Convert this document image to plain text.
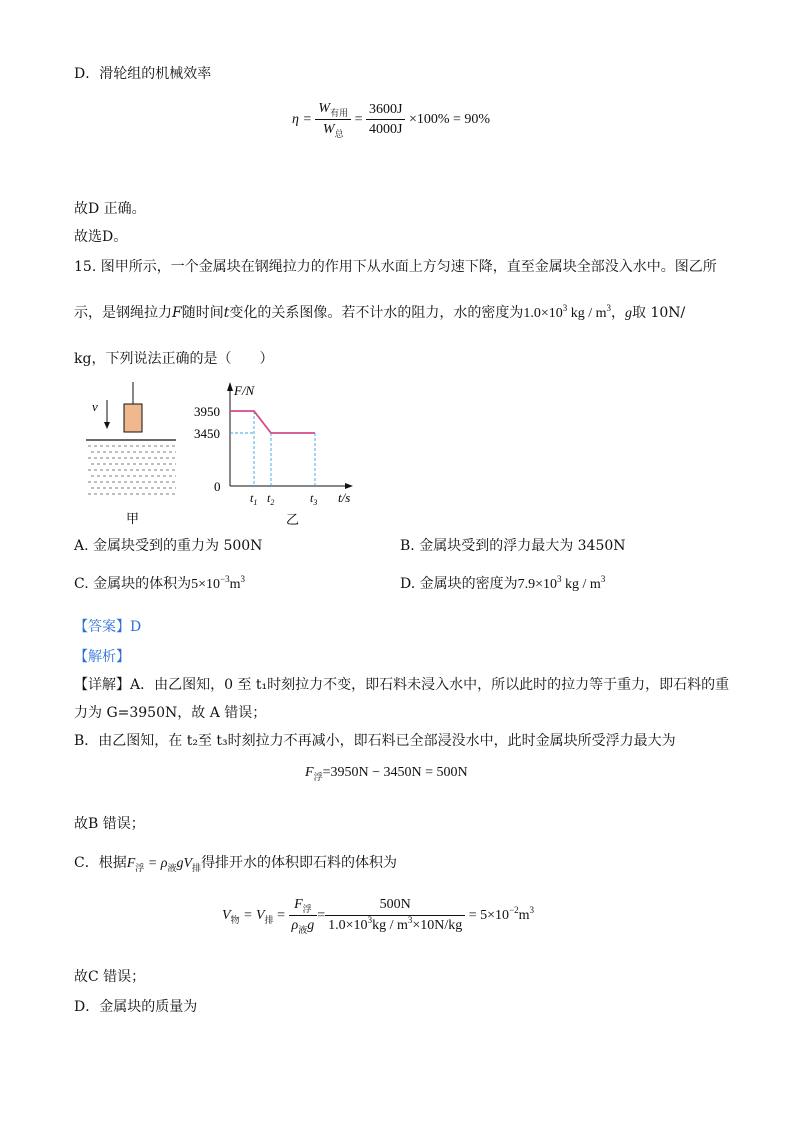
D．滑轮组的机械效率
$\eta = \frac{W_{有用}}{W_总} = \frac{3600J}{4000J} \times 100\% = 90\%$
故D 正确。
故选D。
15. 图甲所示，一个金属块在钢绳拉力的作用下从水面上方匀速下降，直至金属块全部没入水中。图乙所
示，是钢绳拉力F随时间t变化的关系图像。若不计水的阻力，水的密度为$1.0\times 10^3$ kg / $m^3$，g取 10N/
kg，下列说法正确的是（　　）
v
甲
F/N
t/s
0
3950
3450
$t_1$ $t_2$	$t_3$
乙
A. 金属块受到的重力为 500N	B. 金属块受到的浮力最大为 3450N
C. 金属块的体积为$5\times 10^{-3}m^3$	D. 金属块的密度为$7.9\times 10^3$ kg / $m^3$
【答案】D
【解析】
【详解】A．由乙图知，0 至 t₁时刻拉力不变，即石料未浸入水中，所以此时的拉力等于重力，即石料的重
力为 G=3950N，故 A 错误；
B．由乙图知，在 t₂至 t₃时刻拉力不再减小，即石料已全部浸没水中，此时金属块所受浮力最大为
$F_浮=3950N - 3450N = 500N$
故B 错误；
C．根据$F_浮 = \rho_液gV_排$得排开水的体积即石料的体积为
$V_物 = V_排 = \frac{F_浮}{\rho_液g} = \frac{500N}{1.0\times 10^3kg / m^3\times 10N/kg} = 5\times 10^{-2}m^3$
故C 错误；
D．金属块的质量为
